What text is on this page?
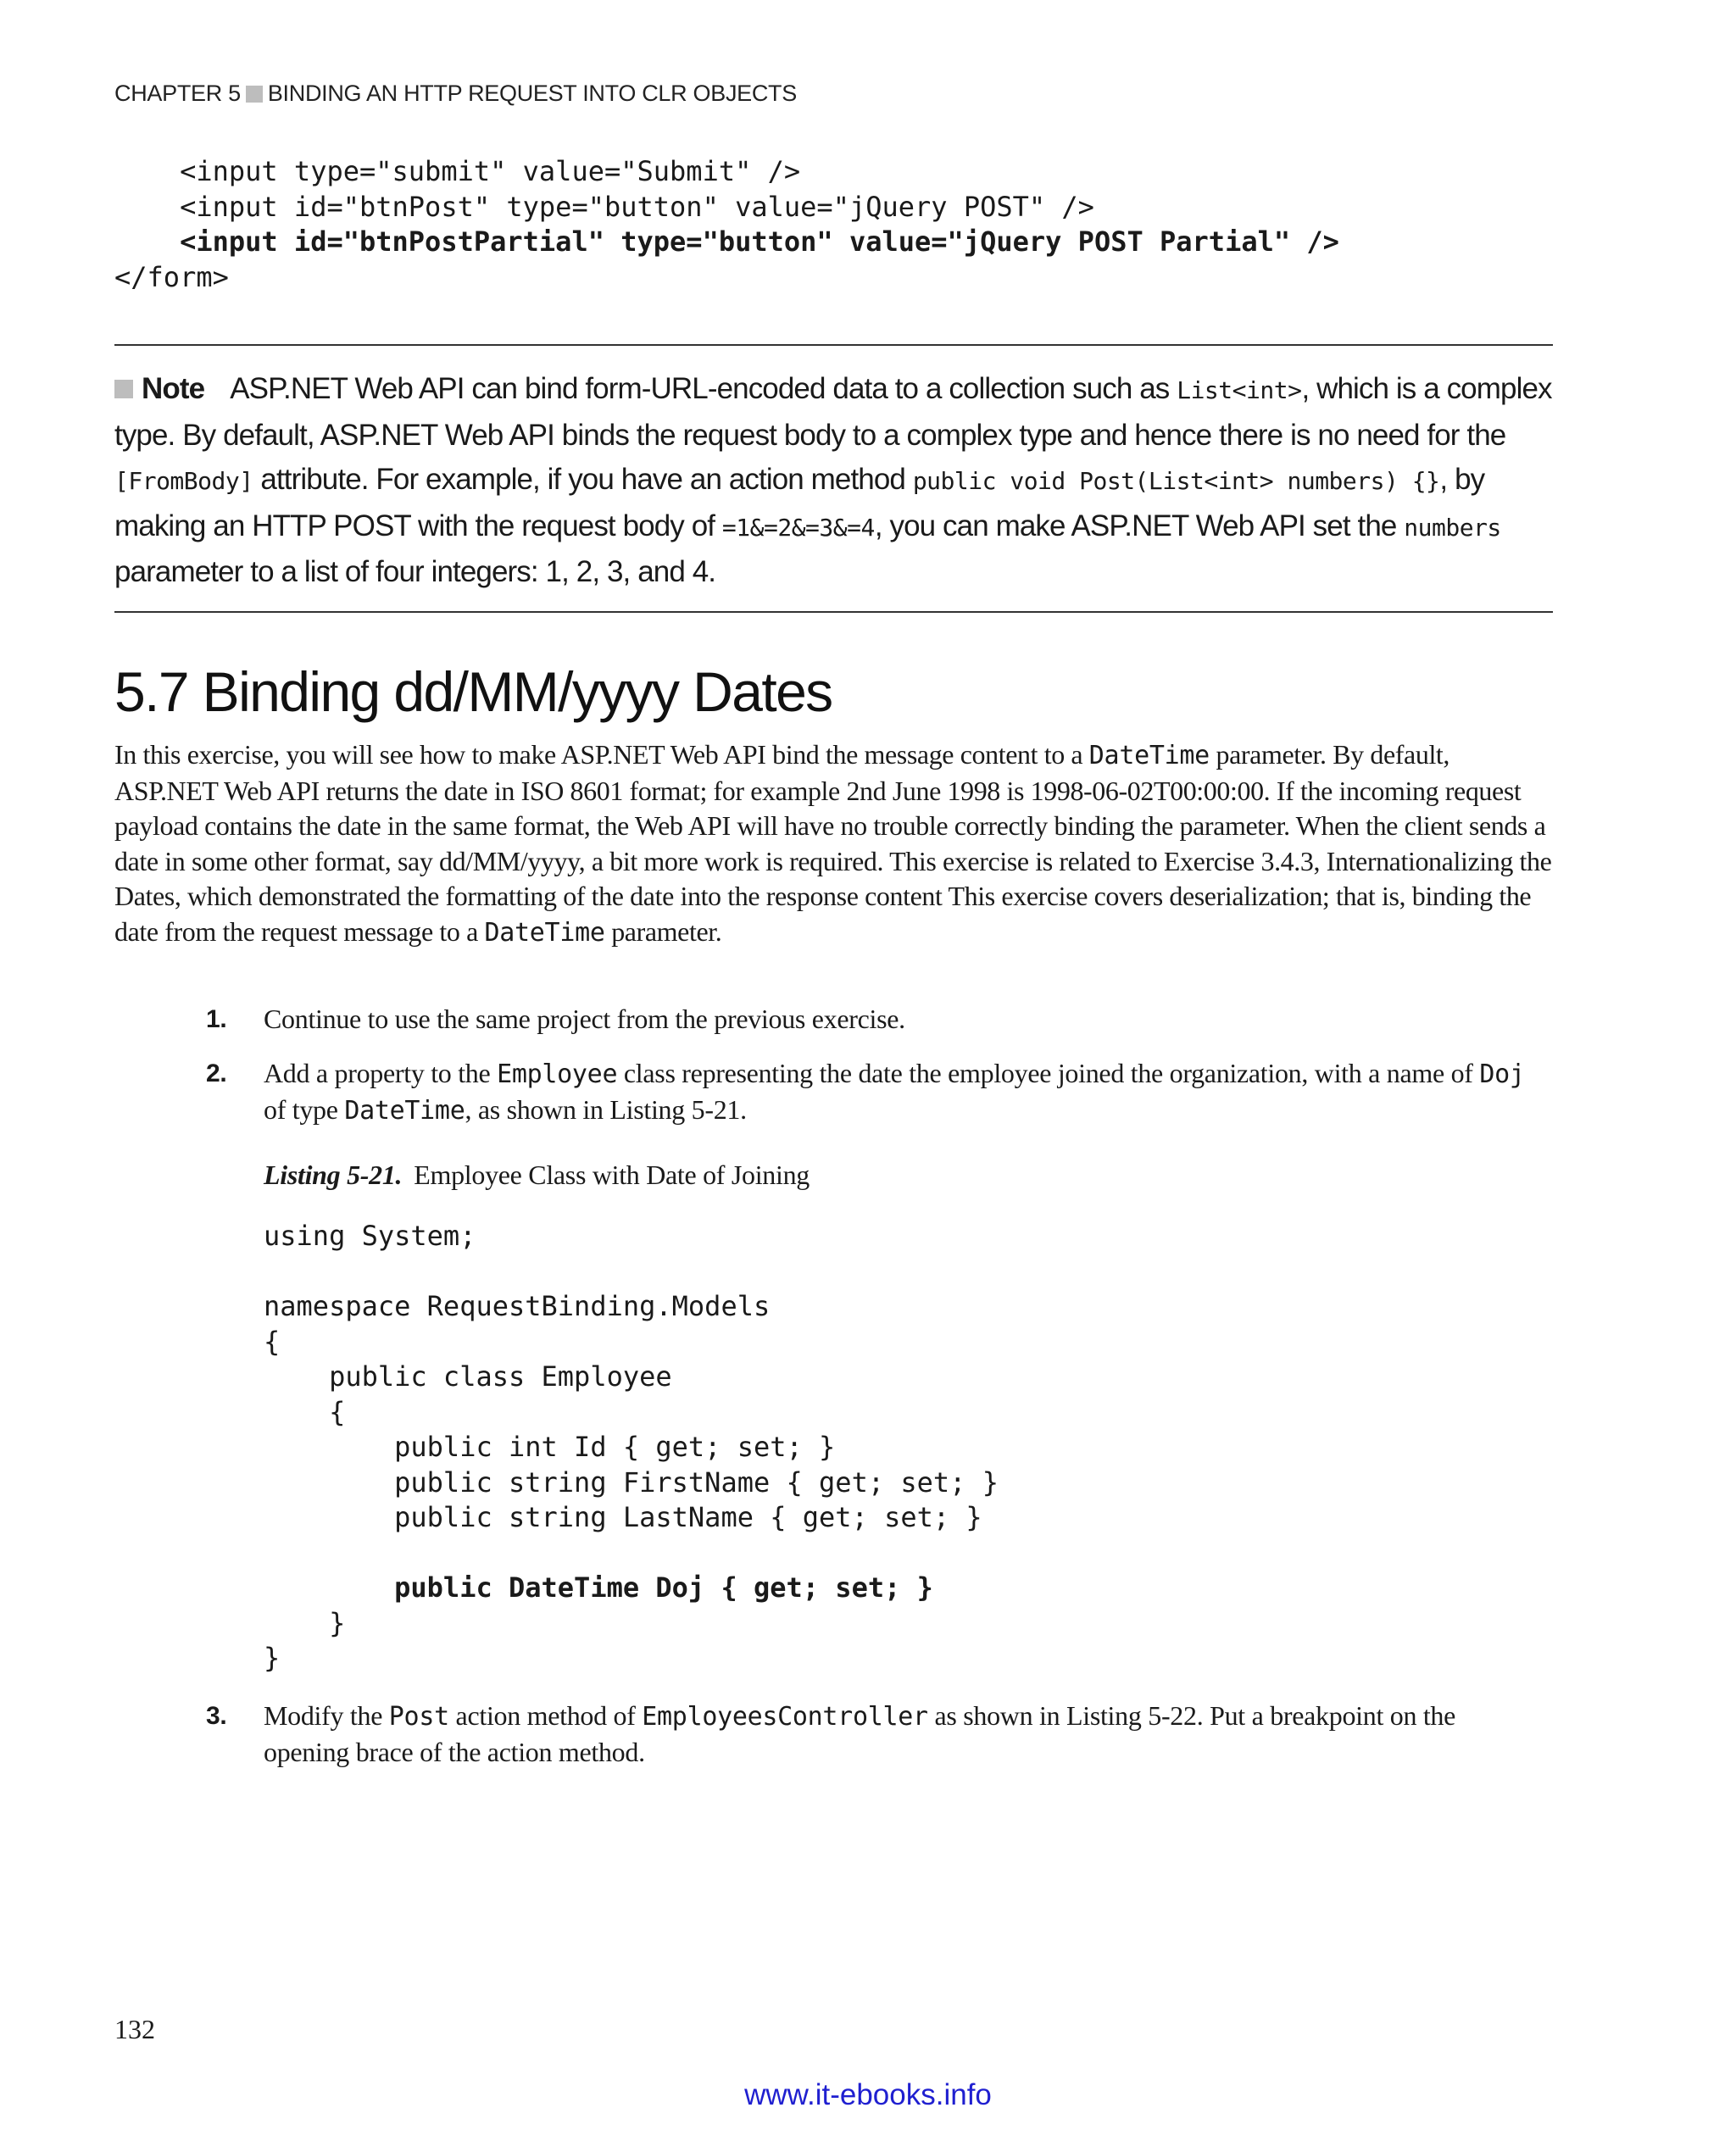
CHAPTER 5 BINDING AN HTTP REQUEST INTO CLR OBJECTS
<input type="submit" value="Submit" />
<input id="btnPost" type="button" value="jQuery POST" />
<input id="btnPostPartial" type="button" value="jQuery POST Partial" />
</form>
Note ASP.NET Web API can bind form-URL-encoded data to a collection such as List<int>, which is a complex type. By default, ASP.NET Web API binds the request body to a complex type and hence there is no need for the [FromBody] attribute. For example, if you have an action method public void Post(List<int> numbers) {}, by making an HTTP POST with the request body of =1&=2&=3&=4, you can make ASP.NET Web API set the numbers parameter to a list of four integers: 1, 2, 3, and 4.
5.7 Binding dd/MM/yyyy Dates

In this exercise, you will see how to make ASP.NET Web API bind the message content to a DateTime parameter. By default, ASP.NET Web API returns the date in ISO 8601 format; for example 2nd June 1998 is 1998-06-02T00:00:00. If the incoming request payload contains the date in the same format, the Web API will have no trouble correctly binding the parameter. When the client sends a date in some other format, say dd/MM/yyyy, a bit more work is required. This exercise is related to Exercise 3.4.3, Internationalizing the Dates, which demonstrated the formatting of the date into the response content This exercise covers deserialization; that is, binding the date from the request message to a DateTime parameter.

1. Continue to use the same project from the previous exercise.
2. Add a property to the Employee class representing the date the employee joined the organization, with a name of Doj of type DateTime, as shown in Listing 5-21.
Listing 5-21. Employee Class with Date of Joining
using System;

namespace RequestBinding.Models
{
public class Employee
{
public int Id { get; set; }
public string FirstName { get; set; }
public string LastName { get; set; }

public DateTime Doj { get; set; }
}
}
3. Modify the Post action method of EmployeesController as shown in Listing 5-22. Put a breakpoint on the opening brace of the action method.
132
www.it-ebooks.info
